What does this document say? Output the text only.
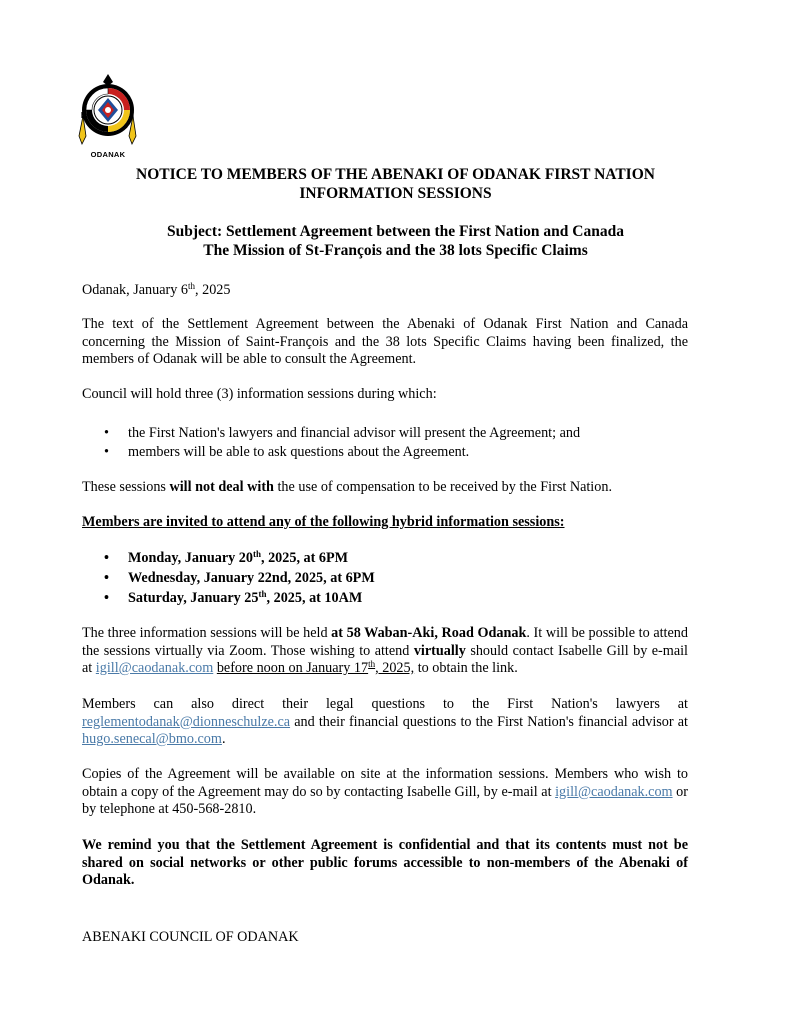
ODANAK
NOTICE TO MEMBERS OF THE ABENAKI OF ODANAK FIRST NATION
INFORMATION SESSIONS
Subject: Settlement Agreement between the First Nation and Canada
The Mission of St-François and the 38 lots Specific Claims
Odanak, January 6th, 2025
The text of the Settlement Agreement between the Abenaki of Odanak First Nation and Canada concerning the Mission of Saint-François and the 38 lots Specific Claims having been finalized, the members of Odanak will be able to consult the Agreement.
Council will hold three (3) information sessions during which:
• the First Nation's lawyers and financial advisor will present the Agreement; and
• members will be able to ask questions about the Agreement.
These sessions will not deal with the use of compensation to be received by the First Nation.
Members are invited to attend any of the following hybrid information sessions:
• Monday, January 20th, 2025, at 6PM
• Wednesday, January 22nd, 2025, at 6PM
• Saturday, January 25th, 2025, at 10AM
The three information sessions will be held at 58 Waban-Aki, Road Odanak. It will be possible to attend the sessions virtually via Zoom. Those wishing to attend virtually should contact Isabelle Gill by e-mail at igill@caodanak.com before noon on January 17th, 2025, to obtain the link.
Members can also direct their legal questions to the First Nation's lawyers at reglementodanak@dionneschulze.ca and their financial questions to the First Nation's financial advisor at hugo.senecal@bmo.com.
Copies of the Agreement will be available on site at the information sessions. Members who wish to obtain a copy of the Agreement may do so by contacting Isabelle Gill, by e-mail at igill@caodanak.com or by telephone at 450-568-2810.
We remind you that the Settlement Agreement is confidential and that its contents must not be shared on social networks or other public forums accessible to non-members of the Abenaki of Odanak.
ABENAKI COUNCIL OF ODANAK
